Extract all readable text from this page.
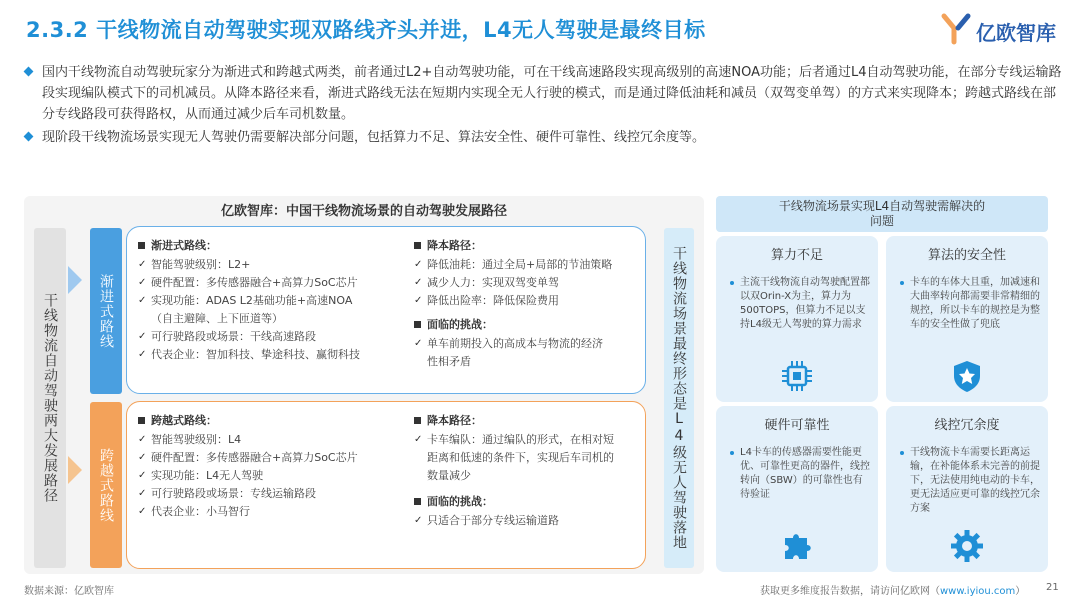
2.3.2 干线物流自动驾驶实现双路线齐头并进，L4无人驾驶是最终目标	亿欧智库
国内干线物流自动驾驶玩家分为渐进式和跨越式两类，前者通过L2+自动驾驶功能，可在干线高速路段实现高级别的高速NOA功能；后者通过L4自动驾驶功能，在部分专线运输路段实现编队模式下的司机减员。从降本路径来看，渐进式路线无法在短期内实现全无人行驶的模式，而是通过降低油耗和减员（双驾变单驾）的方式来实现降本；跨越式路线在部分专线路段可获得路权，从而通过减少后车司机数量。
现阶段干线物流场景实现无人驾驶仍需要解决部分问题，包括算力不足、算法安全性、硬件可靠性、线控冗余度等。
亿欧智库：中国干线物流场景的自动驾驶发展路径
干线物流自动驾驶两大发展路径	渐进式路线
跨越式路线
渐进式路线：
✓ 智能驾驶级别：L2+
✓ 硬件配置：多传感器融合+高算力SoC芯片
✓ 实现功能：ADAS L2基础功能+高速NOA
（自主避障、上下匝道等）
✓ 可行驶路段或场景：干线高速路段
✓ 代表企业：智加科技、挚途科技、赢彻科技
降本路径：
✓ 降低油耗：通过全局+局部的节油策略
✓ 减少人力：实现双驾变单驾
✓ 降低出险率：降低保险费用
面临的挑战：
✓ 单车前期投入的高成本与物流的经济
性相矛盾
跨越式路线：
✓ 智能驾驶级别：L4
✓ 硬件配置：多传感器融合+高算力SoC芯片
✓ 实现功能：L4无人驾驶
✓ 可行驶路段或场景：专线运输路段
✓ 代表企业：小马智行
降本路径：
✓ 卡车编队：通过编队的形式，在相对短
距离和低速的条件下，实现后车司机的
数量减少
面临的挑战：
✓ 只适合于部分专线运输道路	干线物流场景最终形态是L4级无人驾驶落地
干线物流场景实现L4自动驾驶需解决的问题
算力不足
主流干线物流自动驾驶配置都以双Orin-X为主，算力为500TOPS，但算力不足以支持L4级无人驾驶的算力需求
算法的安全性
卡车的车体大且重，加减速和大曲率转向都需要非常精细的规控，所以卡车的规控是为整车的安全性做了兜底
硬件可靠性
L4卡车的传感器需要性能更优、可靠性更高的器件，线控转向（SBW）的可靠性也有待验证
线控冗余度
干线物流卡车需要长距离运输，在补能体系未完善的前提下，无法使用纯电动的卡车，更无法适应更可靠的线控冗余方案
数据来源：亿欧智库	获取更多维度报告数据，请访问亿欧网（www.iyiou.com） 21
